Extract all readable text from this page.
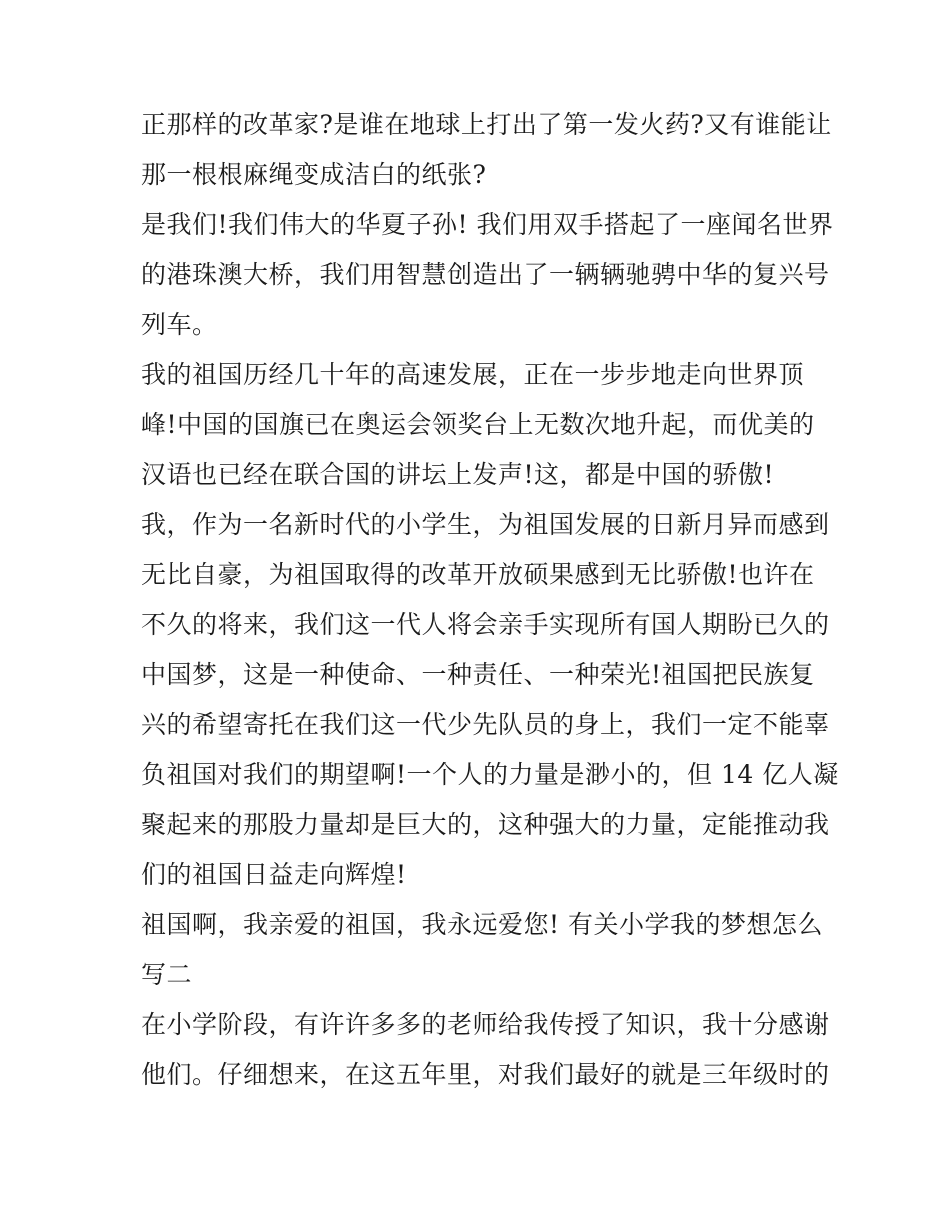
正那样的改革家?是谁在地球上打出了第一发火药?又有谁能让
那一根根麻绳变成洁白的纸张?
是我们!我们伟大的华夏子孙! 我们用双手搭起了一座闻名世界
的港珠澳大桥，我们用智慧创造出了一辆辆驰骋中华的复兴号
列车。
我的祖国历经几十年的高速发展，正在一步步地走向世界顶
峰!中国的国旗已在奥运会领奖台上无数次地升起，而优美的
汉语也已经在联合国的讲坛上发声!这，都是中国的骄傲!
我，作为一名新时代的小学生，为祖国发展的日新月异而感到
无比自豪，为祖国取得的改革开放硕果感到无比骄傲!也许在
不久的将来，我们这一代人将会亲手实现所有国人期盼已久的
中国梦，这是一种使命、一种责任、一种荣光!祖国把民族复
兴的希望寄托在我们这一代少先队员的身上，我们一定不能辜
负祖国对我们的期望啊!一个人的力量是渺小的，但 14 亿人凝
聚起来的那股力量却是巨大的，这种强大的力量，定能推动我
们的祖国日益走向辉煌!
祖国啊，我亲爱的祖国，我永远爱您! 有关小学我的梦想怎么
写二
在小学阶段，有许许多多的老师给我传授了知识，我十分感谢
他们。仔细想来，在这五年里，对我们最好的就是三年级时的
